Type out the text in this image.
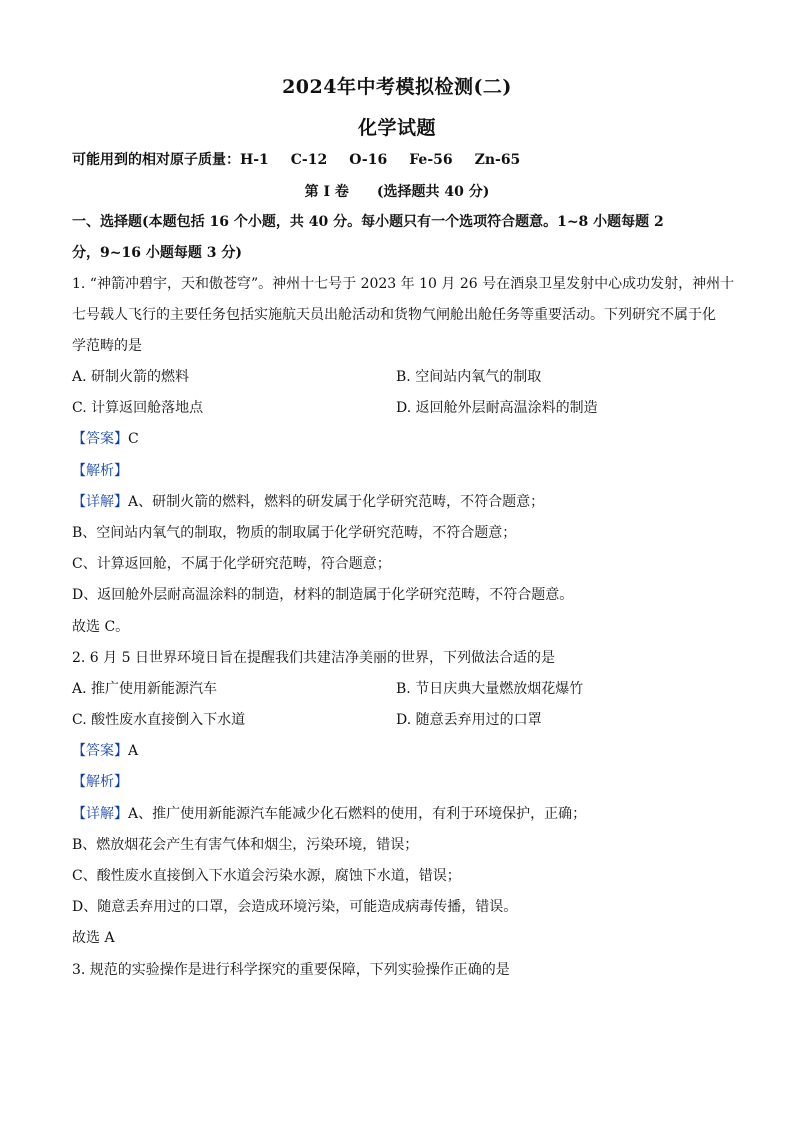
2024年中考模拟检测(二)
化学试题
可能用到的相对原子质量：H-1 C-12 O-16 Fe-56 Zn-65
第 I 卷 (选择题共 40 分)
一、选择题(本题包括 16 个小题，共 40 分。每小题只有一个选项符合题意。1~8 小题每题 2
分，9~16 小题每题 3 分)
1. “神箭冲碧宇，天和傲苍穹”。神州十七号于 2023 年 10 月 26 号在酒泉卫星发射中心成功发射，神州十
七号载人飞行的主要任务包括实施航天员出舱活动和货物气闸舱出舱任务等重要活动。下列研究不属于化
学范畴的是
A. 研制火箭的燃料	B. 空间站内氧气的制取
C. 计算返回舱落地点	D. 返回舱外层耐高温涂料的制造
【答案】C
【解析】
【详解】A、研制火箭的燃料，燃料的研发属于化学研究范畴，不符合题意；
B、空间站内氧气的制取，物质的制取属于化学研究范畴，不符合题意；
C、计算返回舱，不属于化学研究范畴，符合题意；
D、返回舱外层耐高温涂料的制造，材料的制造属于化学研究范畴，不符合题意。
故选 C。
2. 6 月 5 日世界环境日旨在提醒我们共建洁净美丽的世界，下列做法合适的是
A. 推广使用新能源汽车	B. 节日庆典大量燃放烟花爆竹
C. 酸性废水直接倒入下水道	D. 随意丢弃用过的口罩
【答案】A
【解析】
【详解】A、推广使用新能源汽车能减少化石燃料的使用，有利于环境保护，正确；
B、燃放烟花会产生有害气体和烟尘，污染环境，错误；
C、酸性废水直接倒入下水道会污染水源，腐蚀下水道，错误；
D、随意丢弃用过的口罩，会造成环境污染，可能造成病毒传播，错误。
故选 A
3. 规范的实验操作是进行科学探究的重要保障，下列实验操作正确的是
